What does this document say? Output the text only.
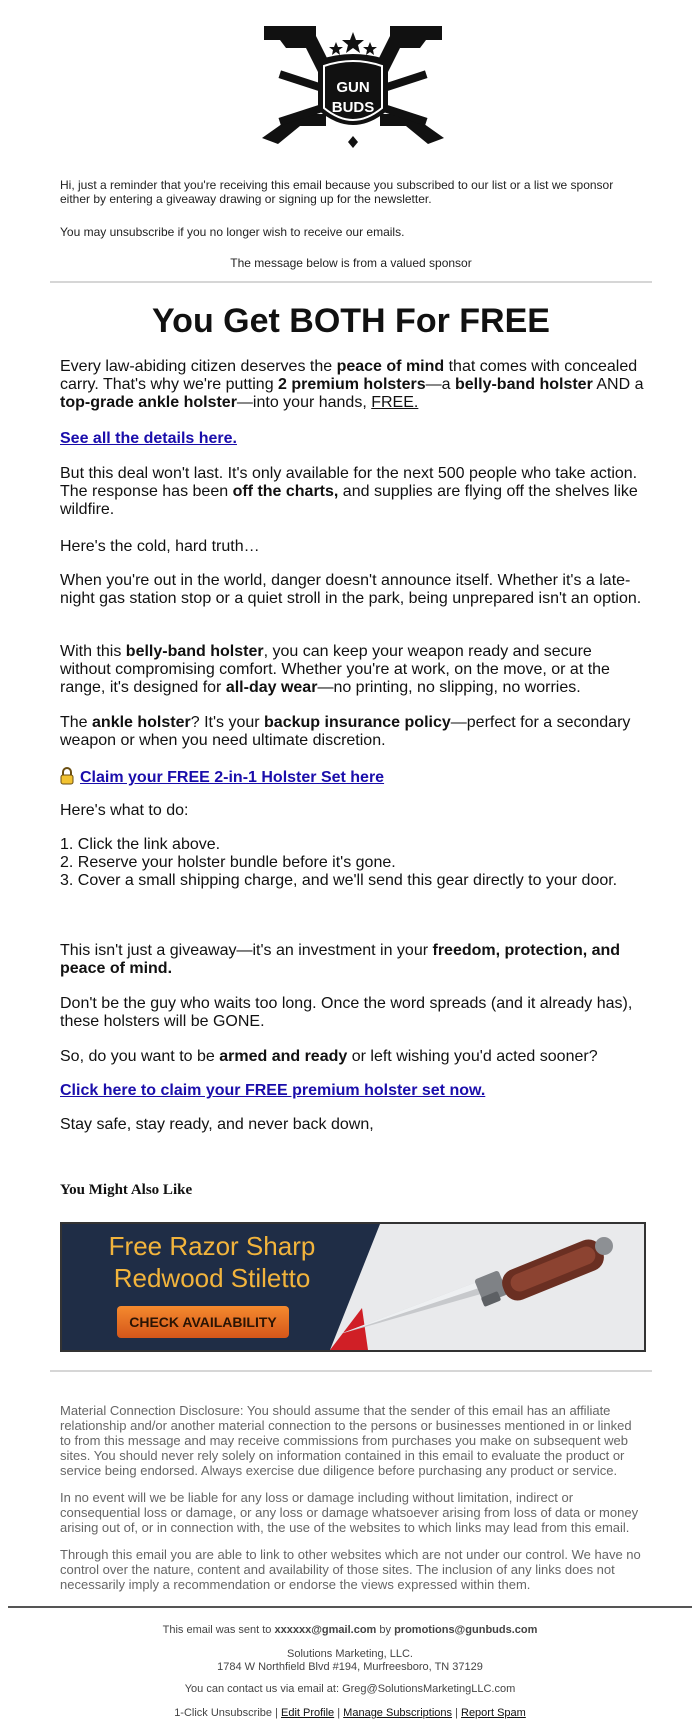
GUN
BUDS
Hi, just a reminder that you're receiving this email because you subscribed to our list or a list we sponsor either by entering a giveaway drawing or signing up for the newsletter.
You may unsubscribe if you no longer wish to receive our emails.
The message below is from a valued sponsor
You Get BOTH For FREE
Every law-abiding citizen deserves the peace of mind that comes with concealed carry. That's why we're putting 2 premium holsters—a belly-band holster AND a top-grade ankle holster—into your hands, FREE.
See all the details here.
But this deal won't last. It's only available for the next 500 people who take action. The response has been off the charts, and supplies are flying off the shelves like wildfire.
Here's the cold, hard truth…
When you're out in the world, danger doesn't announce itself. Whether it's a late-night gas station stop or a quiet stroll in the park, being unprepared isn't an option.
With this belly-band holster, you can keep your weapon ready and secure without compromising comfort. Whether you're at work, on the move, or at the range, it's designed for all-day wear—no printing, no slipping, no worries.
The ankle holster? It's your backup insurance policy—perfect for a secondary weapon or when you need ultimate discretion.
Claim your FREE 2-in-1 Holster Set here
Here's what to do:
1. Click the link above.
2. Reserve your holster bundle before it's gone.
3. Cover a small shipping charge, and we'll send this gear directly to your door.
This isn't just a giveaway—it's an investment in your freedom, protection, and peace of mind.
Don't be the guy who waits too long. Once the word spreads (and it already has), these holsters will be GONE.
So, do you want to be armed and ready or left wishing you'd acted sooner?
Click here to claim your FREE premium holster set now.
Stay safe, stay ready, and never back down,
You Might Also Like
Free Razor Sharp
Redwood Stiletto
CHECK AVAILABILITY
Material Connection Disclosure: You should assume that the sender of this email has an affiliate relationship and/or another material connection to the persons or businesses mentioned in or linked to from this message and may receive commissions from purchases you make on subsequent web sites. You should never rely solely on information contained in this email to evaluate the product or service being endorsed. Always exercise due diligence before purchasing any product or service.
In no event will we be liable for any loss or damage including without limitation, indirect or consequential loss or damage, or any loss or damage whatsoever arising from loss of data or money arising out of, or in connection with, the use of the websites to which links may lead from this email.
Through this email you are able to link to other websites which are not under our control. We have no control over the nature, content and availability of those sites. The inclusion of any links does not necessarily imply a recommendation or endorse the views expressed within them.
This email was sent to xxxxxx@gmail.com by promotions@gunbuds.com
Solutions Marketing, LLC.
1784 W Northfield Blvd #194, Murfreesboro, TN 37129
You can contact us via email at: Greg@SolutionsMarketingLLC.com
1-Click Unsubscribe | Edit Profile | Manage Subscriptions | Report Spam
